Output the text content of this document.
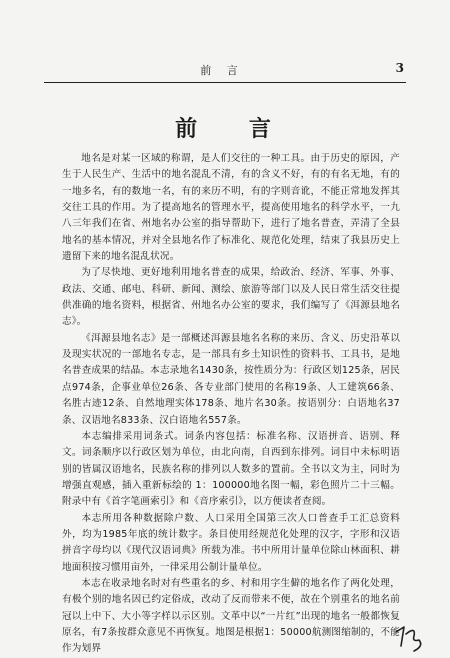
前 言	3
前 言

地名是对某一区域的称谓，是人们交往的一种工具。由于历史的原因，产生于人民生产、生活中的地名混乱不清，有的含义不好，有的有名无地，有的一地多名，有的数地一名，有的来历不明，有的字则音讹，不能正常地发挥其交往工具的作用。为了提高地名的管理水平，提高使用地名的科学水平，一九八三年我们在省、州地名办公室的指导帮助下，进行了地名普查，弄清了全县地名的基本情况，并对全县地名作了标准化、规范化处理，结束了我县历史上遗留下来的地名混乱状况。

为了尽快地、更好地利用地名普查的成果，给政治、经济、军事、外事、政法、交通、邮电、科研、新闻、测绘、旅游等部门以及人民日常生活交往提供准确的地名资料，根据省、州地名办公室的要求，我们编写了《洱源县地名志》。

《洱源县地名志》是一部概述洱源县地名名称的来历、含义、历史沿革以及现实状况的一部地名专志，是一部具有乡土知识性的资料书、工具书，是地名普查成果的结晶。本志录地名1430条，按性质分为：行政区划125条，居民点974条，企事业单位26条、各专业部门使用的名称19条、人工建筑66条、名胜古迹12条、自然地理实体178条、地片名30条。按语别分：白语地名37条、汉语地名833条、汉白语地名557条。

本志编排采用词条式。词条内容包括：标准名称、汉语拼音、语别、释文。词条顺序以行政区划为单位，由北向南，自西到东排列。词目中未标明语别的皆属汉语地名，民族名称的排列以人数多的置前。全书以文为主，同时为增强直观感，插入重新标绘的 1：100000地名图一幅，彩色照片二十三幅。附录中有《首字笔画索引》和《音序索引》，以方便读者查阅。

本志所用各种数据除户数、人口采用全国第三次人口普查手工汇总资料外，均为1985年底的统计数字。条目使用经规范化处理的汉字，字形和汉语拼音字母均以《现代汉语词典》所载为准。书中所用计量单位除山林面积、耕地面积按习惯用亩外，一律采用公制计量单位。

本志在收录地名时对有些重名的乡、村和用字生僻的地名作了两化处理，有极个别的地名因已约定俗成，改动了反而带来不便，故在个别重名的地名前冠以上中下、大小等字样以示区别。文革中以“一片红”出现的地名一般都恢复原名，有7条按群众意见不再恢复。地图是根据1：50000航测图缩制的，不能作为划界
